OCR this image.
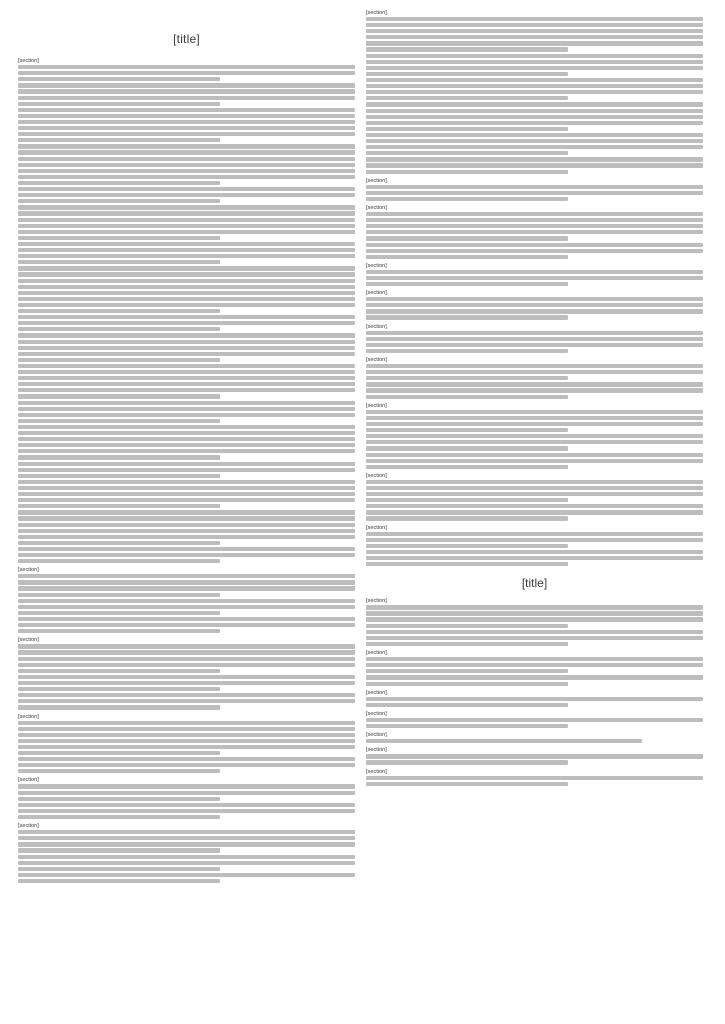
[title]
[section]
[section]
[section]
[section]
[section]
[section]
[section]
[section]
[section]
[section]
[section]
[section]
[section]
[section]
[section]
[section]
[title]
[section]
[section]
[section]
[section]
[section]
[section]
[section]
